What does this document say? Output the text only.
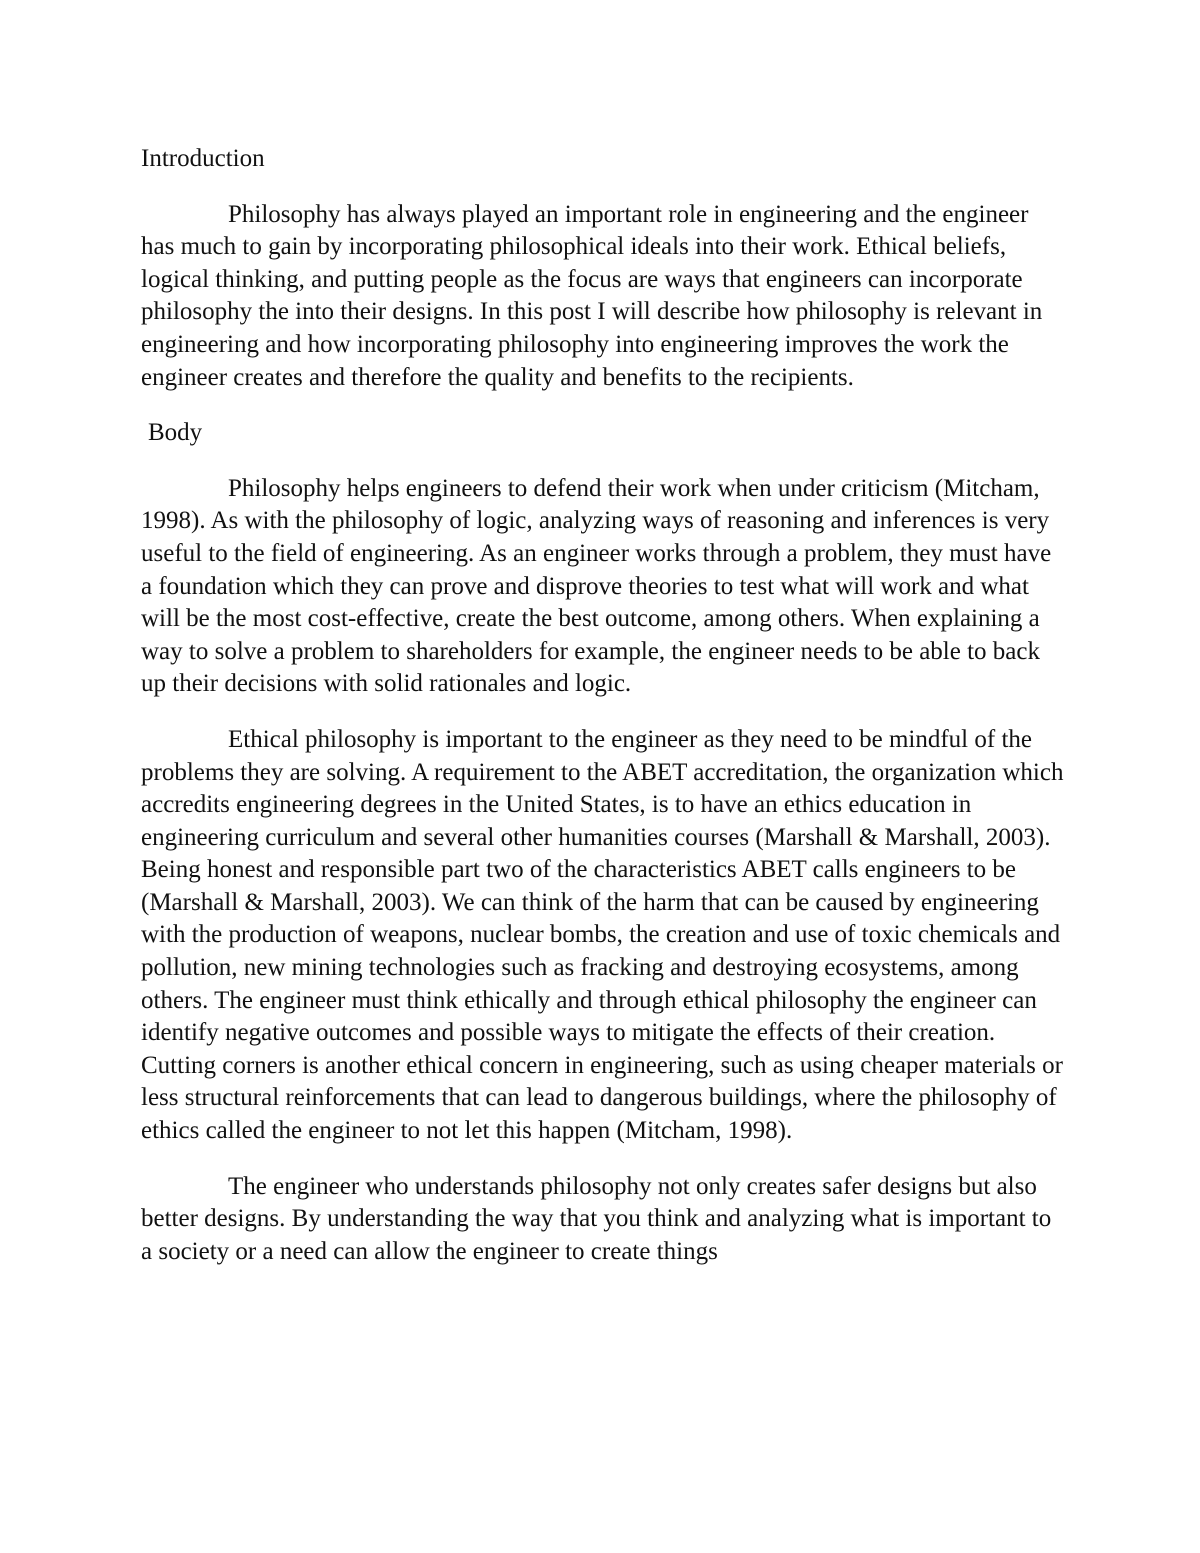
Introduction

Philosophy has always played an important role in engineering and the engineer has much to gain by incorporating philosophical ideals into their work. Ethical beliefs, logical thinking, and putting people as the focus are ways that engineers can incorporate philosophy the into their designs. In this post I will describe how philosophy is relevant in engineering and how incorporating philosophy into engineering improves the work the engineer creates and therefore the quality and benefits to the recipients.

Body

Philosophy helps engineers to defend their work when under criticism (Mitcham, 1998). As with the philosophy of logic, analyzing ways of reasoning and inferences is very useful to the field of engineering. As an engineer works through a problem, they must have a foundation which they can prove and disprove theories to test what will work and what will be the most cost-effective, create the best outcome, among others. When explaining a way to solve a problem to shareholders for example, the engineer needs to be able to back up their decisions with solid rationales and logic.

Ethical philosophy is important to the engineer as they need to be mindful of the problems they are solving. A requirement to the ABET accreditation, the organization which accredits engineering degrees in the United States, is to have an ethics education in engineering curriculum and several other humanities courses (Marshall & Marshall, 2003). Being honest and responsible part two of the characteristics ABET calls engineers to be (Marshall & Marshall, 2003). We can think of the harm that can be caused by engineering with the production of weapons, nuclear bombs, the creation and use of toxic chemicals and pollution, new mining technologies such as fracking and destroying ecosystems, among others. The engineer must think ethically and through ethical philosophy the engineer can identify negative outcomes and possible ways to mitigate the effects of their creation. Cutting corners is another ethical concern in engineering, such as using cheaper materials or less structural reinforcements that can lead to dangerous buildings, where the philosophy of ethics called the engineer to not let this happen (Mitcham, 1998).

The engineer who understands philosophy not only creates safer designs but also better designs. By understanding the way that you think and analyzing what is important to a society or a need can allow the engineer to create things
